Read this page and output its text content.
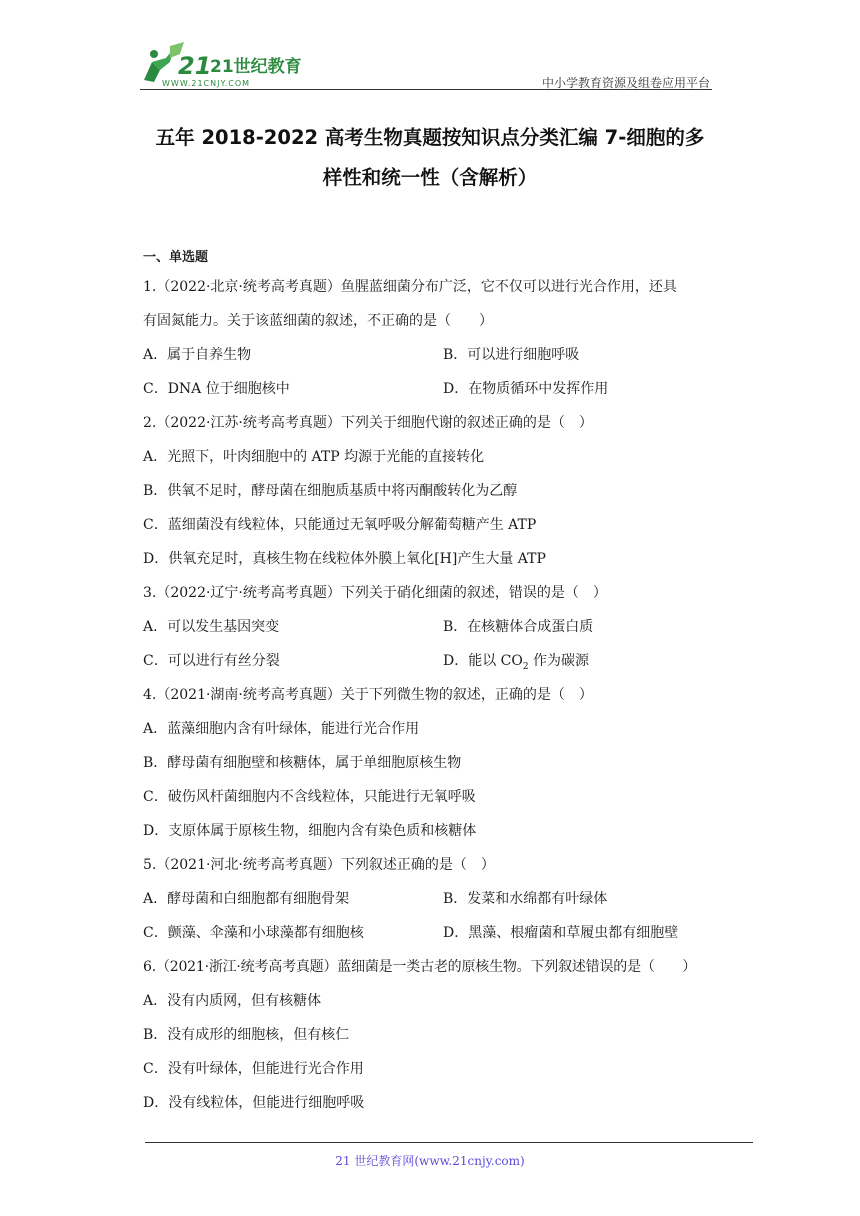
21
21世纪教育
WWW.21CNJY.COM	中小学教育资源及组卷应用平台
五年 2018-2022 高考生物真题按知识点分类汇编 7-细胞的多
样性和统一性（含解析）
一、单选题
1.（2022·北京·统考高考真题）鱼腥蓝细菌分布广泛，它不仅可以进行光合作用，还具
有固氮能力。关于该蓝细菌的叙述，不正确的是（　　）
A．属于自养生物	B．可以进行细胞呼吸
C．DNA 位于细胞核中	D．在物质循环中发挥作用
2.（2022·江苏·统考高考真题）下列关于细胞代谢的叙述正确的是（　）
A．光照下，叶肉细胞中的 ATP 均源于光能的直接转化
B．供氧不足时，酵母菌在细胞质基质中将丙酮酸转化为乙醇
C．蓝细菌没有线粒体，只能通过无氧呼吸分解葡萄糖产生 ATP
D．供氧充足时，真核生物在线粒体外膜上氧化[H]产生大量 ATP
3.（2022·辽宁·统考高考真题）下列关于硝化细菌的叙述，错误的是（　）
A．可以发生基因突变	B．在核糖体合成蛋白质
C．可以进行有丝分裂	D．能以 $CO_2$ 作为碳源
4.（2021·湖南·统考高考真题）关于下列微生物的叙述，正确的是（　）
A．蓝藻细胞内含有叶绿体，能进行光合作用
B．酵母菌有细胞壁和核糖体，属于单细胞原核生物
C．破伤风杆菌细胞内不含线粒体，只能进行无氧呼吸
D．支原体属于原核生物，细胞内含有染色质和核糖体
5.（2021·河北·统考高考真题）下列叙述正确的是（　）
A．酵母菌和白细胞都有细胞骨架	B．发菜和水绵都有叶绿体
C．颤藻、伞藻和小球藻都有细胞核	D．黑藻、根瘤菌和草履虫都有细胞壁
6.（2021·浙江·统考高考真题）蓝细菌是一类古老的原核生物。下列叙述错误的是（　　）
A．没有内质网，但有核糖体
B．没有成形的细胞核，但有核仁
C．没有叶绿体，但能进行光合作用
D．没有线粒体，但能进行细胞呼吸
21 世纪教育网(www.21cnjy.com)
